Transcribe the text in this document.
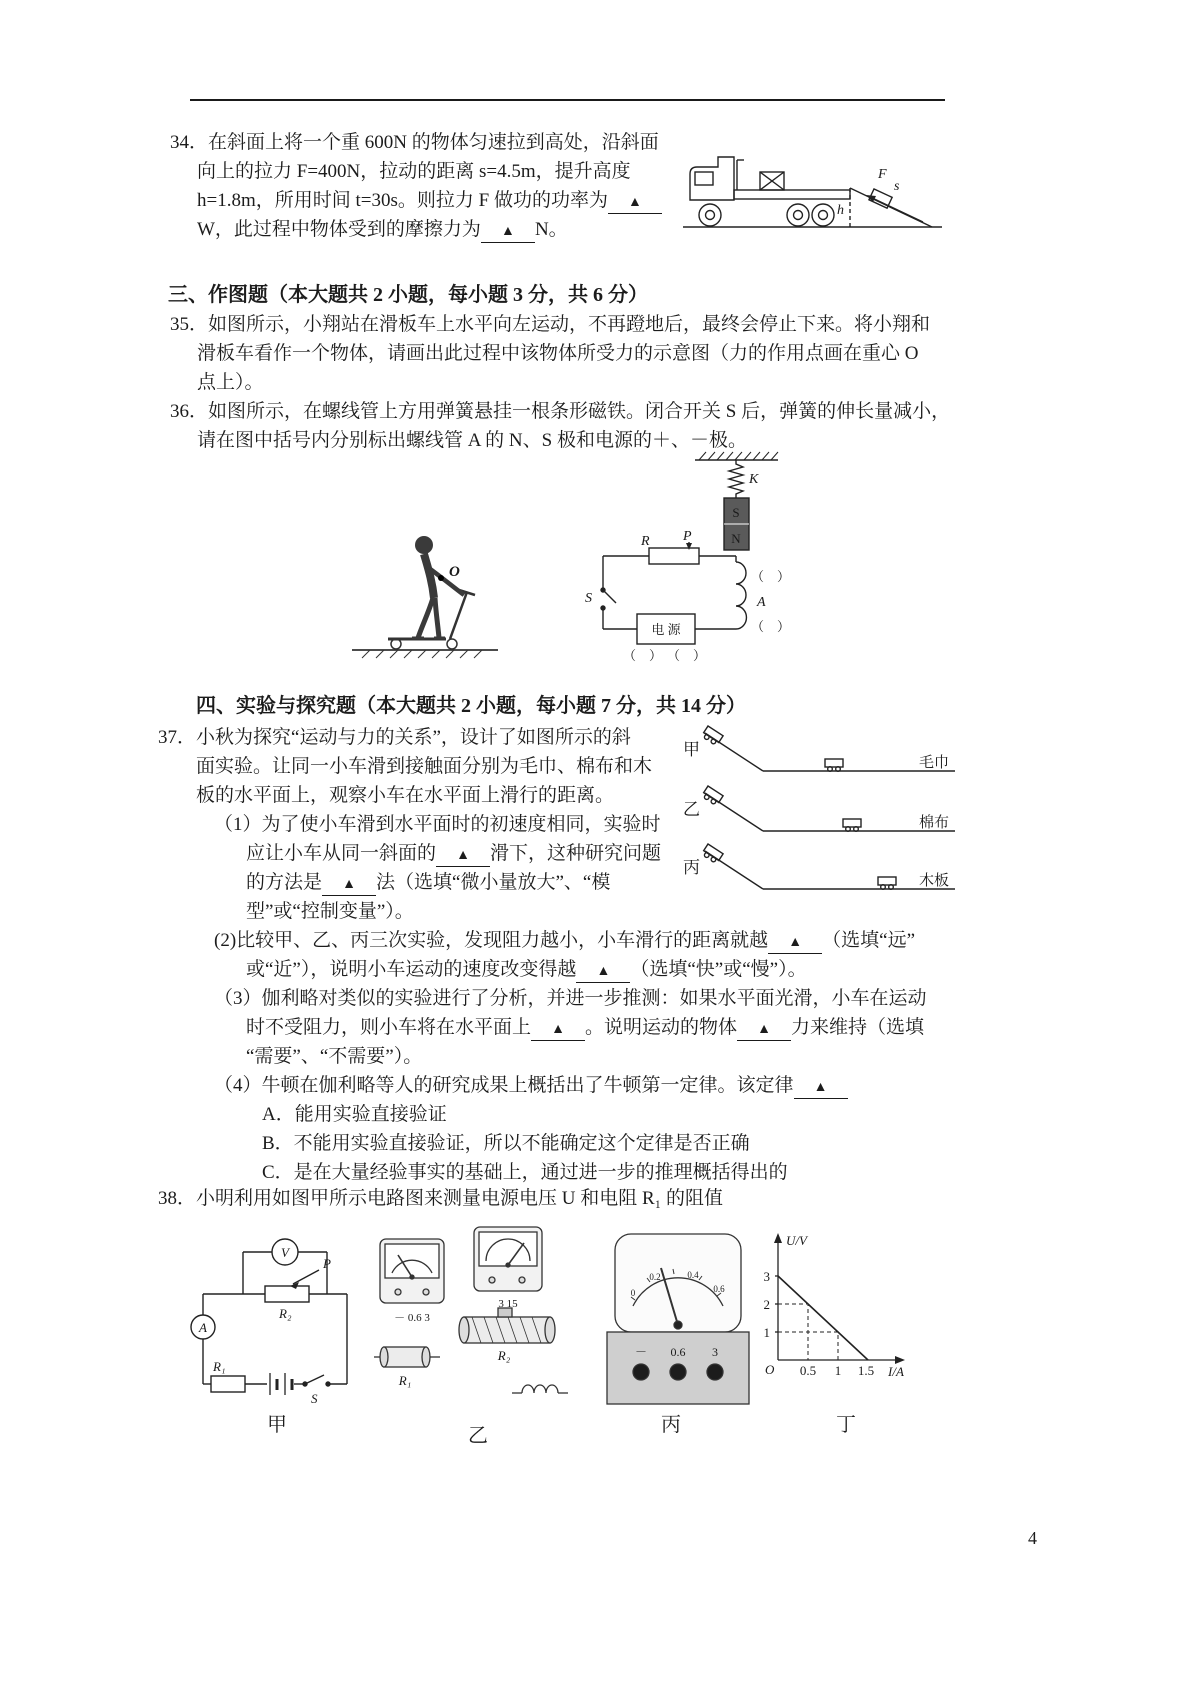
34．在斜面上将一个重 600N 的物体匀速拉到高处，沿斜面
向上的拉力 F=400N，拉动的距离 s=4.5m，提升高度
h=1.8m，所用时间 t=30s。则拉力 F 做功的功率为 ▲
W，此过程中物体受到的摩擦力为 ▲ N。
F
s
h
三、作图题（本大题共 2 小题，每小题 3 分，共 6 分）
35．如图所示，小翔站在滑板车上水平向左运动，不再蹬地后，最终会停止下来。将小翔和
滑板车看作一个物体，请画出此过程中该物体所受力的示意图（力的作用点画在重心 O
点上）。
36．如图所示，在螺线管上方用弹簧悬挂一根条形磁铁。闭合开关 S 后，弹簧的伸长量减小，
请在图中括号内分别标出螺线管 A 的 N、S 极和电源的＋、－极。
O
K
S
N
R P
S
电 源
（　）
A
（　）
（　） （　）
四、实验与探究题（本大题共 2 小题，每小题 7 分，共 14 分）
37．小秋为探究“运动与力的关系”，设计了如图所示的斜
面实验。让同一小车滑到接触面分别为毛巾、棉布和木
板的水平面上，观察小车在水平面上滑行的距离。
（1）为了使小车滑到水平面时的初速度相同，实验时
应让小车从同一斜面的 ▲ 滑下，这种研究问题
的方法是 ▲ 法（选填“微小量放大”、“模
型”或“控制变量”）。
(2)比较甲、乙、丙三次实验，发现阻力越小，小车滑行的距离就越 ▲ （选填“远”
或“近”），说明小车运动的速度改变得越 ▲ （选填“快”或“慢”）。
（3）伽利略对类似的实验进行了分析，并进一步推测：如果水平面光滑，小车在运动
时不受阻力，则小车将在水平面上 ▲ 。说明运动的物体 ▲ 力来维持（选填
“需要”、“不需要”）。
（4）牛顿在伽利略等人的研究成果上概括出了牛顿第一定律。该定律 ▲
A．能用实验直接验证
B．不能用实验直接验证，所以不能确定这个定律是否正确
C．是在大量经验事实的基础上，通过进一步的推理概括得出的
甲
乙
丙
毛巾
棉布
木板
38．小明利用如图甲所示电路图来测量电源电压 U 和电阻 R₁ 的阻值
V
A
P
R₂
R₁
S
－ 0.6 3
3 15
R₂
R₁
0
0.2	0.4
0.6
－ 0.6 3
U/V
I/A
O
3
2
1
0.5 1 1.5
甲	乙	丙	丁
4
